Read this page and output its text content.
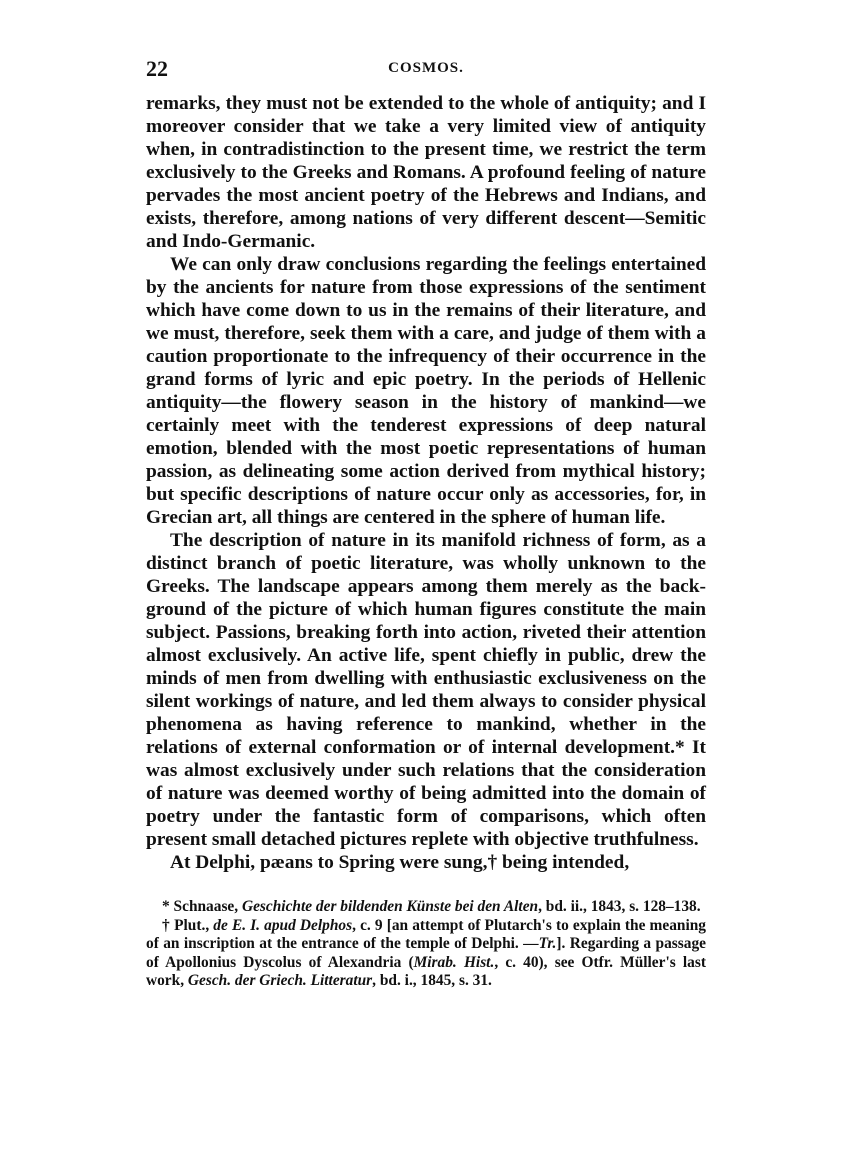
22	COSMOS.

remarks, they must not be extended to the whole of antiquity; and I moreover consider that we take a very limited view of antiquity when, in contradistinction to the present time, we restrict the term exclusively to the Greeks and Romans. A profound feeling of nature pervades the most ancient poetry of the Hebrews and Indians, and exists, therefore, among nations of very different descent—Semitic and Indo-Germanic.

We can only draw conclusions regarding the feelings entertained by the ancients for nature from those expressions of the sentiment which have come down to us in the remains of their literature, and we must, therefore, seek them with a care, and judge of them with a caution proportionate to the infrequency of their occurrence in the grand forms of lyric and epic poetry. In the periods of Hellenic antiquity—the flowery season in the history of mankind—we certainly meet with the tenderest expressions of deep natural emotion, blended with the most poetic representations of human passion, as delineating some action derived from mythical history; but specific descriptions of nature occur only as accessories, for, in Grecian art, all things are centered in the sphere of human life.

The description of nature in its manifold richness of form, as a distinct branch of poetic literature, was wholly unknown to the Greeks. The landscape appears among them merely as the back-ground of the picture of which human figures constitute the main subject. Passions, breaking forth into action, riveted their attention almost exclusively. An active life, spent chiefly in public, drew the minds of men from dwelling with enthusiastic exclusiveness on the silent workings of nature, and led them always to consider physical phenomena as having reference to mankind, whether in the relations of external conformation or of internal development.* It was almost exclusively under such relations that the consideration of nature was deemed worthy of being admitted into the domain of poetry under the fantastic form of comparisons, which often present small detached pictures replete with objective truthfulness.

At Delphi, pæans to Spring were sung,† being intended,

* Schnaase, Geschichte der bildenden Künste bei den Alten, bd. ii., 1843, s. 128–138.

† Plut., de E. I. apud Delphos, c. 9 [an attempt of Plutarch's to explain the meaning of an inscription at the entrance of the temple of Delphi. —Tr.]. Regarding a passage of Apollonius Dyscolus of Alexandria (Mirab. Hist., c. 40), see Otfr. Müller's last work, Gesch. der Griech. Litteratur, bd. i., 1845, s. 31.
